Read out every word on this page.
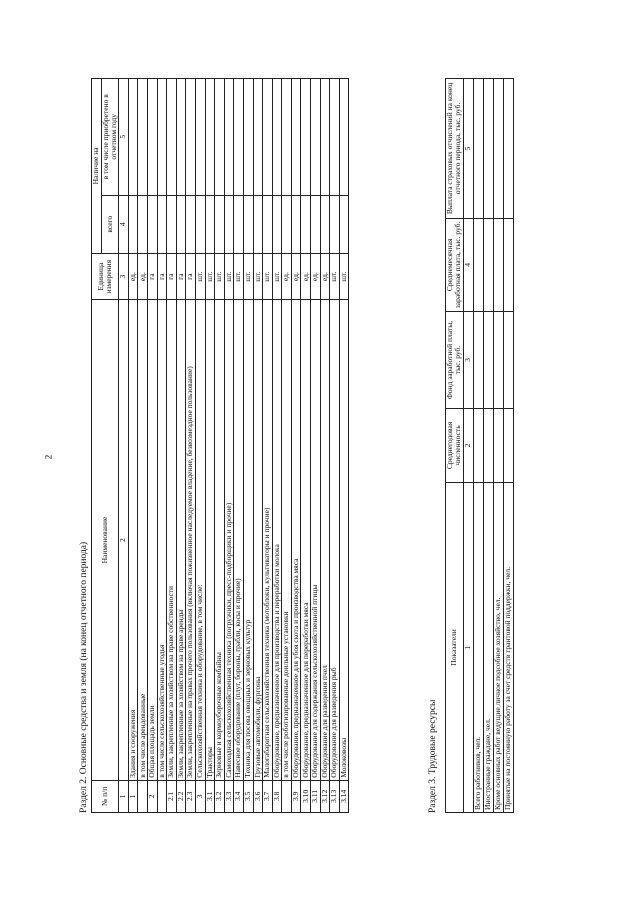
2
Раздел 2. Основные средства и земля (на конец отчетного периода) № п/п	Наименование	Единица измерения	Наличие на	
			всего	в том числе приобретено в отчетном году
1	2	3	4	5
1	Здания и сооружения	ед.		
	в том числе арендованные	ед.		
2	Общая площадь земли	га		
	в том числе сельскохозяйственные угодья	га		
2.1	Земли, закрепленные за хозяйством на праве собственности	га		
2.2	Земли, закрепленные за хозяйством на праве аренды	га		
2.3	Земли, закрепленные на правах прочего пользования (включая пожизненное наследуемое владение, безвозмездное пользование)	га		
3	Сельскохозяйственная техника и оборудование, в том числе:	шт.		
3.1	Тракторы	шт.		
3.2	Зерновые и кормоуборочные комбайны	шт.		
3.3	Самоходная сельскохозяйственная техника (погрузчики, пресс-подборщики и прочие)	шт.		
3.4	Навесное оборудование (плуг, бороны, грабли, косы и прочие)	шт.		
3.5	Техника для посева овощных и зерновых культур	шт.		
3.6	Грузовые автомобили, фургоны	шт.		
3.7	Малогабаритная сельскохозяйственная техника (мотоблоки, культиваторы и прочие)	шт.		
3.8	Оборудование, предназначенное для производства и переработки молока	шт.		
	в том числе роботизированные доильные установки	ед.		
3.9	Оборудование, предназначенное для убоя скота и производства мяса	ед.		
3.10	Оборудование, предназначенное для переработки мяса	ед.		
3.11	Оборудование для содержания сельскохозяйственной птицы	ед.		
3.12	Оборудование для разведения пчел	ед.		
3.13	Оборудование для разведения рыб	шт.		
3.14	Молоковозы	шт.		
Раздел 3. Трудовые ресурсы
Показатели	Среднегодовая численность	Фонд заработной платы, тыс. руб.	Среднемесячная заработная плата, тыс. руб.	Выплата страховых отчислений на конец отчетного периода, тыс. руб.
1	2	3	4	5
Всего работников, чел.				
Иностранные граждане, чел.				
Кроме основных работ ведущие личное подсобное хозяйство, чел.				
Принятые на постоянную работу за счет средств грантовой поддержки, чел.				
